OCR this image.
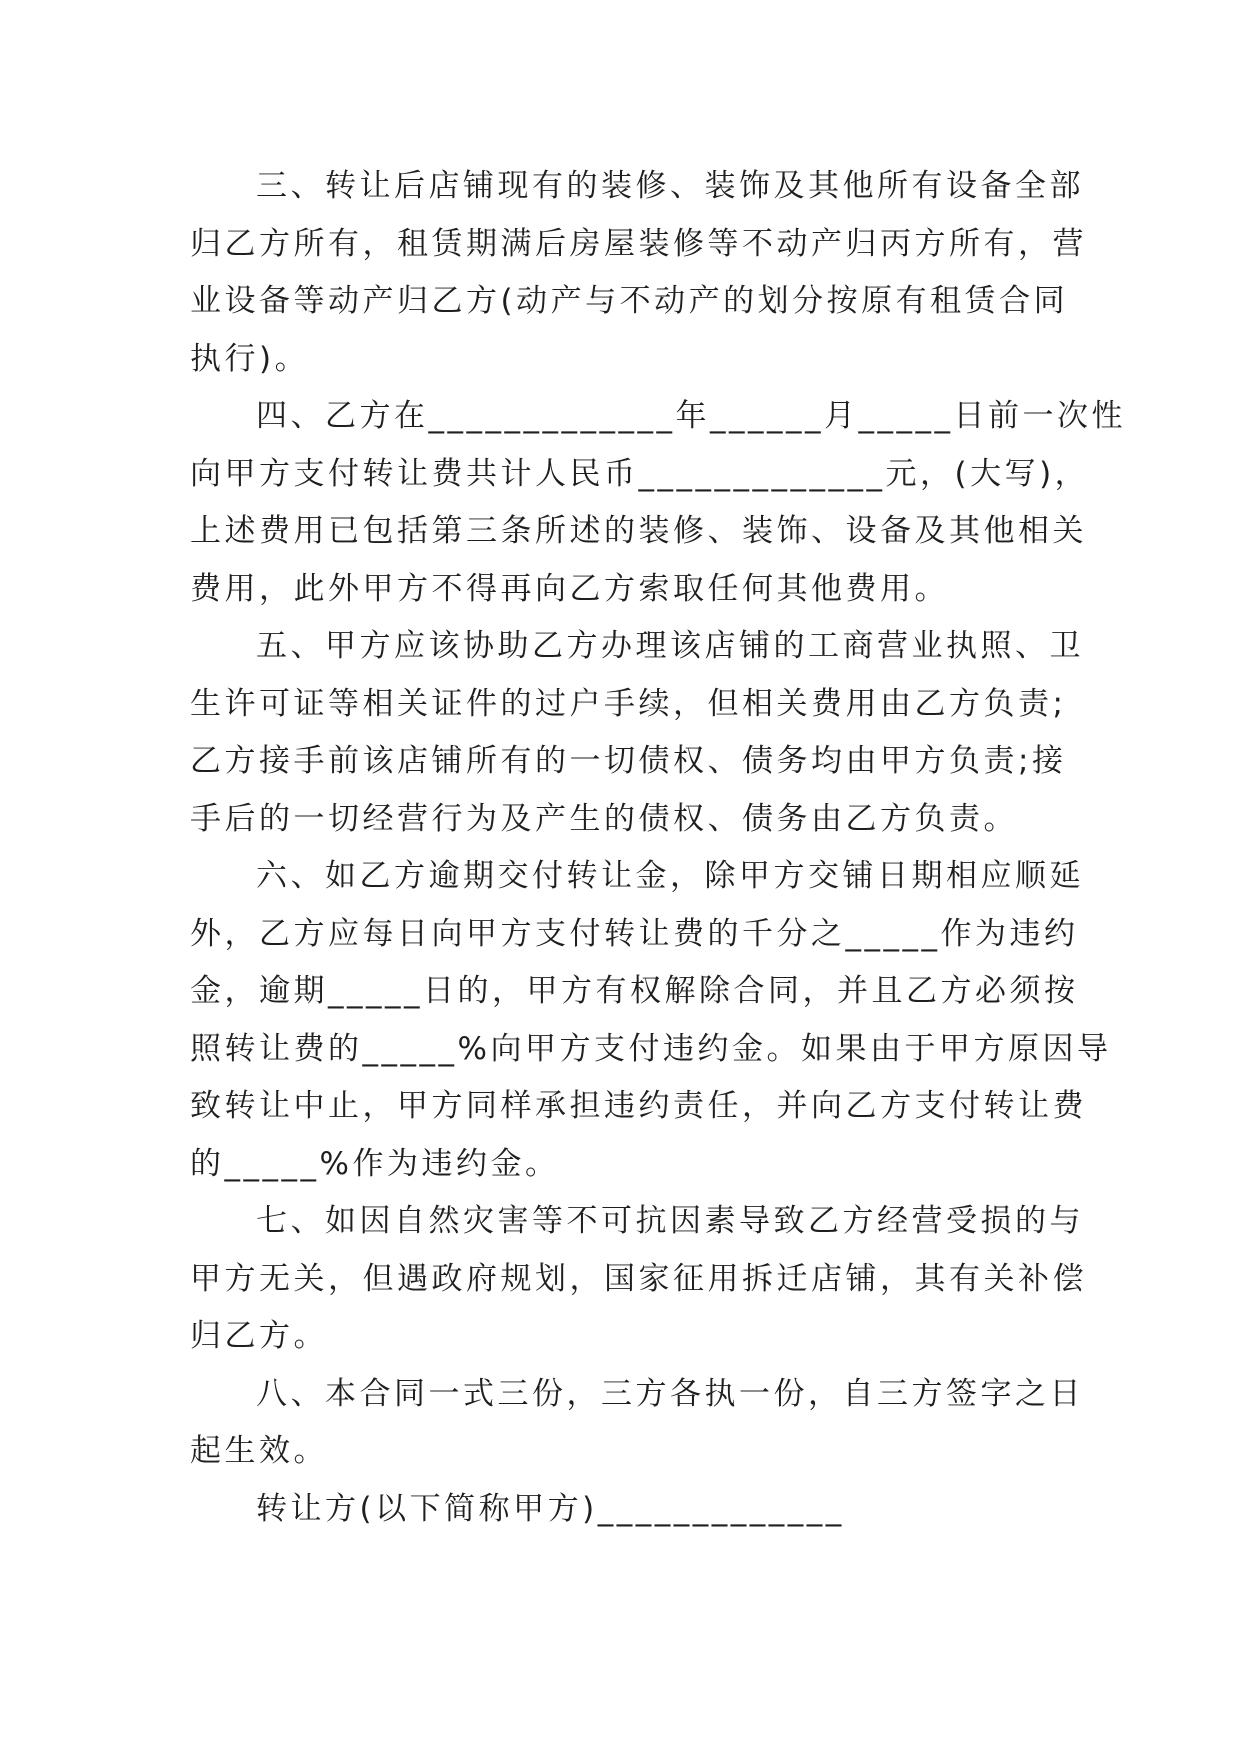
三、转让后店铺现有的装修、装饰及其他所有设备全部
归乙方所有，租赁期满后房屋装修等不动产归丙方所有，营
业设备等动产归乙方(动产与不动产的划分按原有租赁合同
执行)。
四、乙方在_____________年______月_____日前一次性
向甲方支付转让费共计人民币_____________元，(大写)，
上述费用已包括第三条所述的装修、装饰、设备及其他相关
费用，此外甲方不得再向乙方索取任何其他费用。
五、甲方应该协助乙方办理该店铺的工商营业执照、卫
生许可证等相关证件的过户手续，但相关费用由乙方负责;
乙方接手前该店铺所有的一切债权、债务均由甲方负责;接
手后的一切经营行为及产生的债权、债务由乙方负责。
六、如乙方逾期交付转让金，除甲方交铺日期相应顺延
外，乙方应每日向甲方支付转让费的千分之_____作为违约
金，逾期_____日的，甲方有权解除合同，并且乙方必须按
照转让费的_____%向甲方支付违约金。如果由于甲方原因导
致转让中止，甲方同样承担违约责任，并向乙方支付转让费
的_____%作为违约金。
七、如因自然灾害等不可抗因素导致乙方经营受损的与
甲方无关，但遇政府规划，国家征用拆迁店铺，其有关补偿
归乙方。
八、本合同一式三份，三方各执一份，自三方签字之日
起生效。
转让方(以下简称甲方)_____________
